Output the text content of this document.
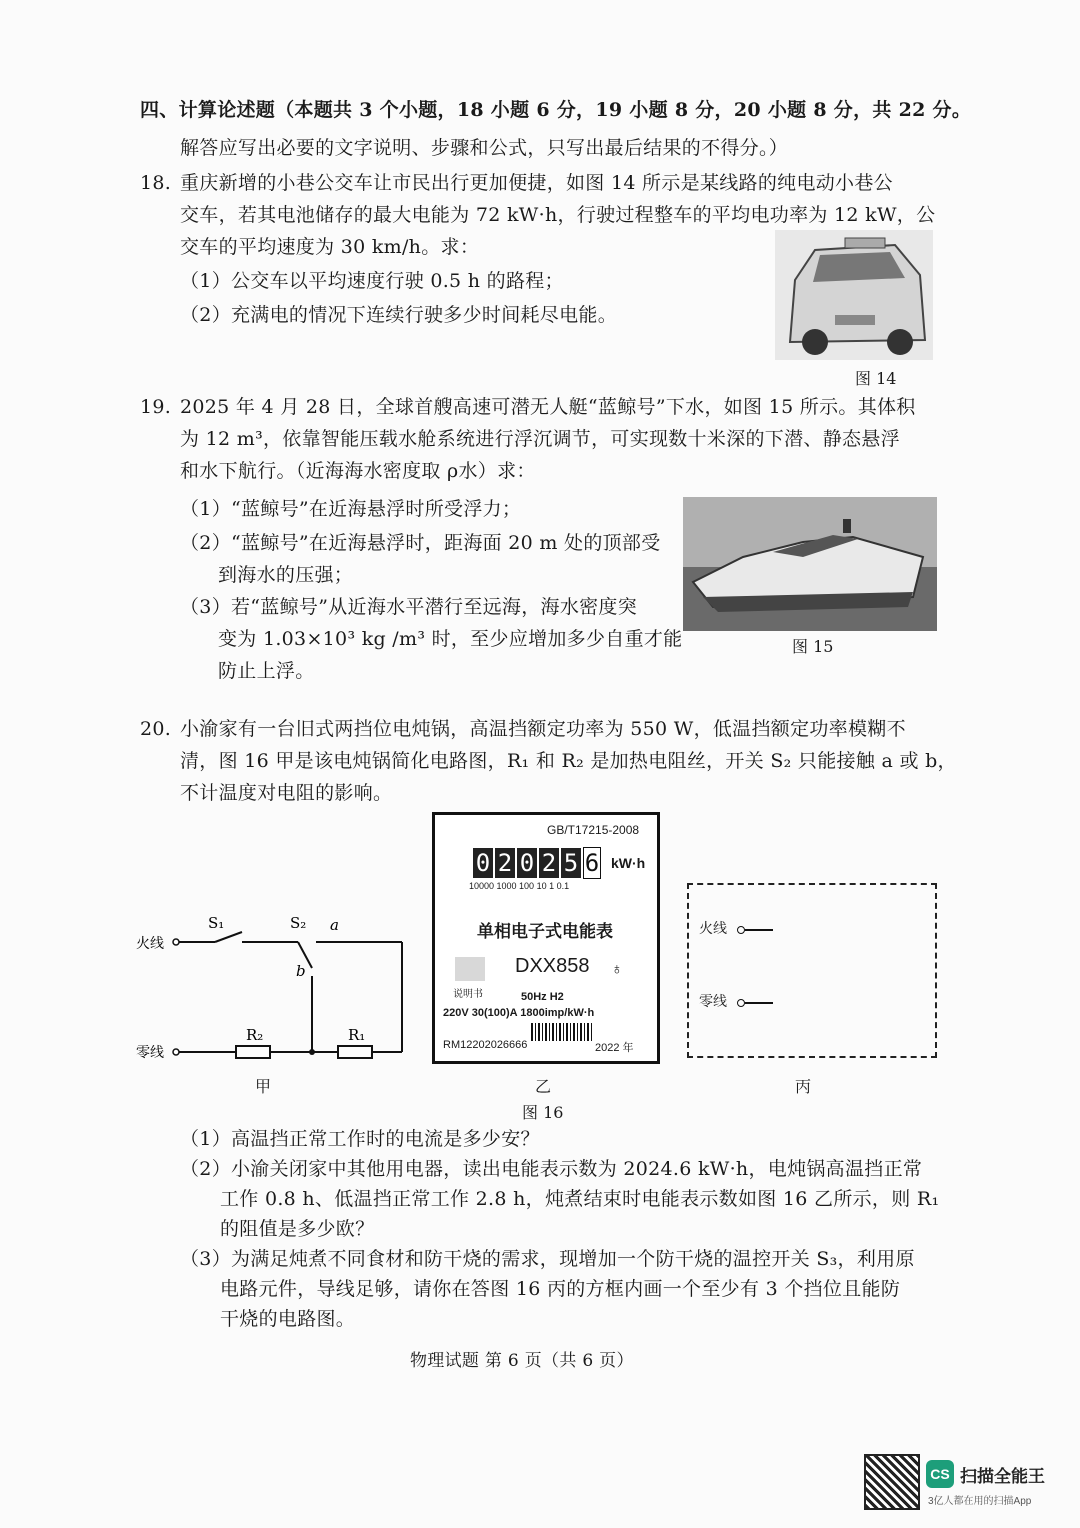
四、计算论述题（本题共 3 个小题，18 小题 6 分，19 小题 8 分，20 小题 8 分，共 22 分。
解答应写出必要的文字说明、步骤和公式，只写出最后结果的不得分。）
18. 重庆新增的小巷公交车让市民出行更加便捷，如图 14 所示是某线路的纯电动小巷公
交车，若其电池储存的最大电能为 72 kW·h，行驶过程整车的平均电功率为 12 kW，公
交车的平均速度为 30 km/h。求：
（1）公交车以平均速度行驶 0.5 h 的路程；
（2）充满电的情况下连续行驶多少时间耗尽电能。
图 14
19. 2025 年 4 月 28 日，全球首艘高速可潜无人艇“蓝鲸号”下水，如图 15 所示。其体积
为 12 m³，依靠智能压载水舱系统进行浮沉调节，可实现数十米深的下潜、静态悬浮
和水下航行。（近海海水密度取 ρ水）求：
（1）“蓝鲸号”在近海悬浮时所受浮力；
（2）“蓝鲸号”在近海悬浮时，距海面 20 m 处的顶部受
到海水的压强；
（3）若“蓝鲸号”从近海水平潜行至远海，海水密度突
变为 1.03×10³ kg /m³ 时，至少应增加多少自重才能
防止上浮。
图 15
20. 小渝家有一台旧式两挡位电炖锅，高温挡额定功率为 550 W，低温挡额定功率模糊不
清，图 16 甲是该电炖锅简化电路图，R₁ 和 R₂ 是加热电阻丝，开关 S₂ 只能接触 a 或 b，
不计温度对电阻的影响。
火线
零线
S₁	S₂ a
b
R₂	R₁
甲
GB/T17215-2008
0 2 0 2 5 6 kW·h
10000 1000 100 10 1 0.1
单相电子式电能表
DXX858 ♁
说明书	50Hz H2
220V 30(100)A 1800imp/kW·h
RM12202026666	2022 年
乙
火线
零线
丙
图 16
（1）高温挡正常工作时的电流是多少安？
（2）小渝关闭家中其他用电器，读出电能表示数为 2024.6 kW·h，电炖锅高温挡正常
工作 0.8 h、低温挡正常工作 2.8 h，炖煮结束时电能表示数如图 16 乙所示，则 R₁
的阻值是多少欧？
（3）为满足炖煮不同食材和防干烧的需求，现增加一个防干烧的温控开关 S₃，利用原
电路元件，导线足够，请你在答图 16 丙的方框内画一个至少有 3 个挡位且能防
干烧的电路图。
物理试题 第 6 页（共 6 页）
CS 扫描全能王
3亿人都在用的扫描App
